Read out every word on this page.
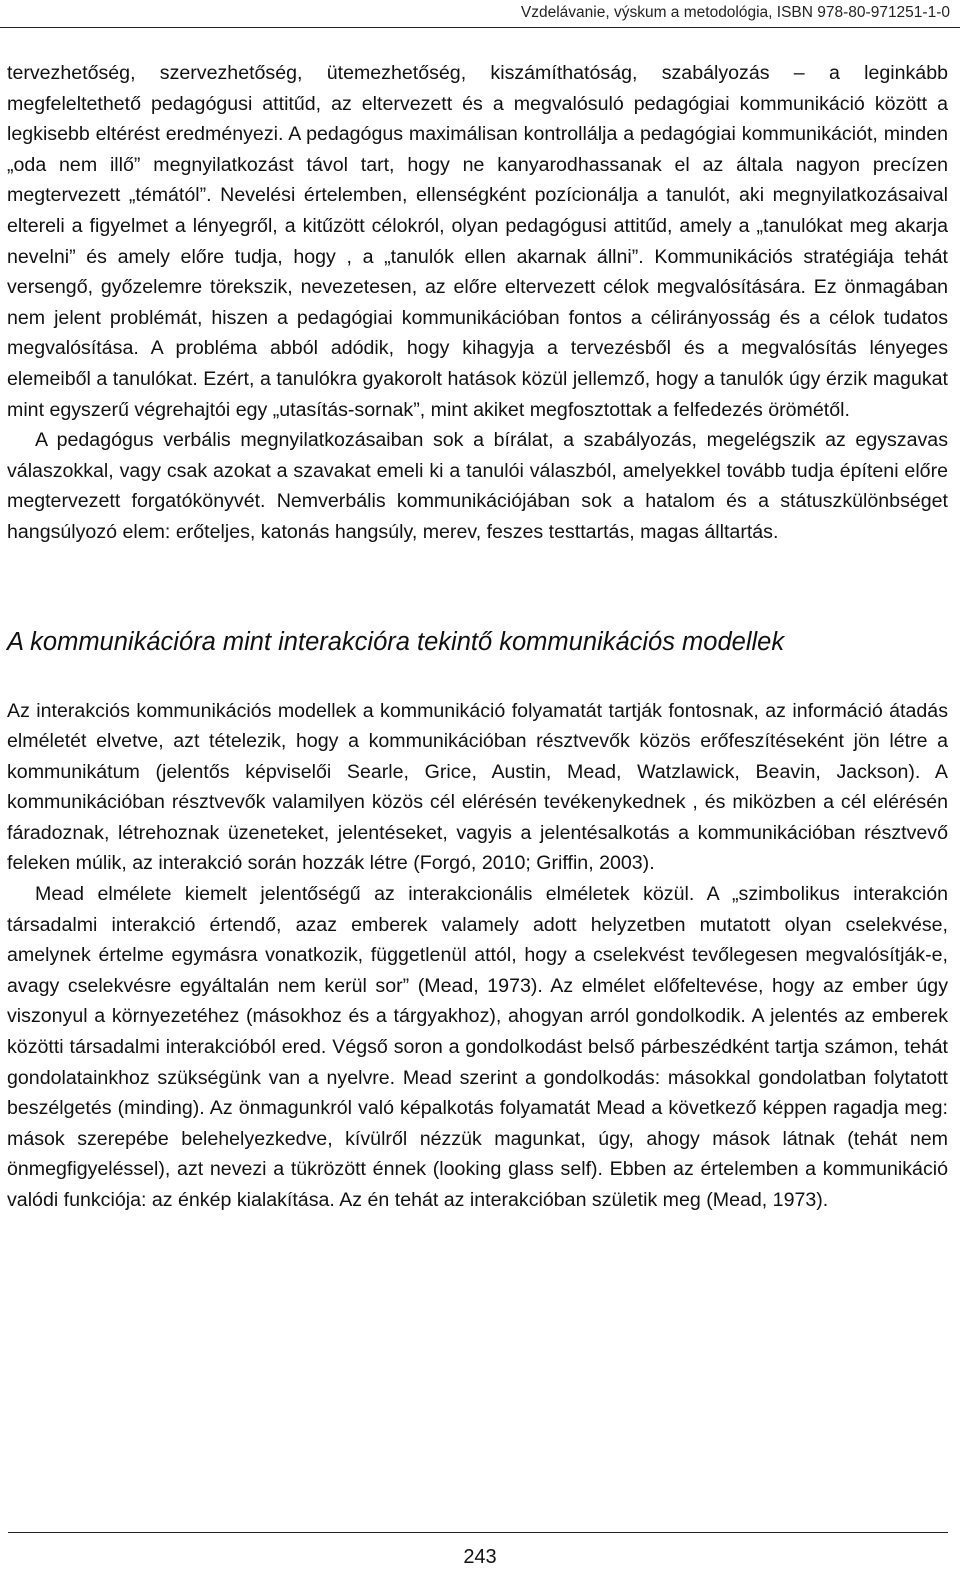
Vzdelávanie, výskum a metodológia, ISBN 978-80-971251-1-0

tervezhetőség, szervezhetőség, ütemezhetőség, kiszámíthatóság, szabályozás – a leginkább megfeleltethető pedagógusi attitűd, az eltervezett és a megvalósuló pedagógiai kommunikáció között a legkisebb eltérést eredményezi. A pedagógus maximálisan kontrollálja a pedagógiai kommunikációt, minden „oda nem illő” megnyilatkozást távol tart, hogy ne kanyarodhassanak el az általa nagyon precízen megtervezett „témától”. Nevelési értelemben, ellenségként pozícionálja a tanulót, aki megnyilatkozásaival eltereli a figyelmet a lényegről, a kitűzött célokról, olyan pedagógusi attitűd, amely a „tanulókat meg akarja nevelni” és amely előre tudja, hogy , a „tanulók ellen akarnak állni”. Kommunikációs stratégiája tehát versengő, győzelemre törekszik, nevezetesen, az előre eltervezett célok megvalósítására. Ez önmagában nem jelent problémát, hiszen a pedagógiai kommunikációban fontos a célirányosság és a célok tudatos megvalósítása. A probléma abból adódik, hogy kihagyja a tervezésből és a megvalósítás lényeges elemeiből a tanulókat. Ezért, a tanulókra gyakorolt hatások közül jellemző, hogy a tanulók úgy érzik magukat mint egyszerű végrehajtói egy „utasítás-sornak”, mint akiket megfosztottak a felfedezés örömétől.

A pedagógus verbális megnyilatkozásaiban sok a bírálat, a szabályozás, megelégszik az egyszavas válaszokkal, vagy csak azokat a szavakat emeli ki a tanulói válaszból, amelyekkel tovább tudja építeni előre megtervezett forgatókönyvét. Nemverbális kommunikációjában sok a hatalom és a státuszkülönbséget hangsúlyozó elem: erőteljes, katonás hangsúly, merev, feszes testtartás, magas álltartás.

A kommunikációra mint interakcióra tekintő kommunikációs modellek

Az interakciós kommunikációs modellek a kommunikáció folyamatát tartják fontosnak, az információ átadás elméletét elvetve, azt tételezik, hogy a kommunikációban résztvevők közös erőfeszítéseként jön létre a kommunikátum (jelentős képviselői Searle, Grice, Austin, Mead, Watzlawick, Beavin, Jackson). A kommunikációban résztvevők valamilyen közös cél elérésén tevékenykednek , és miközben a cél elérésén fáradoznak, létrehoznak üzeneteket, jelentéseket, vagyis a jelentésalkotás a kommunikációban résztvevő feleken múlik, az interakció során hozzák létre (Forgó, 2010; Griffin, 2003).

Mead elmélete kiemelt jelentőségű az interakcionális elméletek közül. A „szimbolikus interakción társadalmi interakció értendő, azaz emberek valamely adott helyzetben mutatott olyan cselekvése, amelynek értelme egymásra vonatkozik, függetlenül attól, hogy a cselekvést tevőlegesen megvalósítják-e, avagy cselekvésre egyáltalán nem kerül sor” (Mead, 1973). Az elmélet előfeltevése, hogy az ember úgy viszonyul a környezetéhez (másokhoz és a tárgyakhoz), ahogyan arról gondolkodik. A jelentés az emberek közötti társadalmi interakcióból ered. Végső soron a gondolkodást belső párbeszédként tartja számon, tehát gondolatainkhoz szükségünk van a nyelvre. Mead szerint a gondolkodás: másokkal gondolatban folytatott beszélgetés (minding). Az önmagunkról való képalkotás folyamatát Mead a következő képpen ragadja meg: mások szerepébe belehelyezkedve, kívülről nézzük magunkat, úgy, ahogy mások látnak (tehát nem önmegfigyeléssel), azt nevezi a tükrözött énnek (looking glass self). Ebben az értelemben a kommunikáció valódi funkciója: az énkép kialakítása. Az én tehát az interakcióban születik meg (Mead, 1973).

243
